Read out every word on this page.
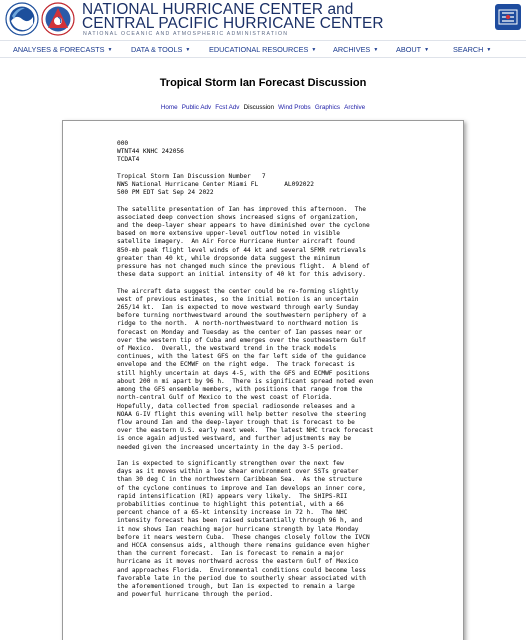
NATIONAL HURRICANE CENTER and
CENTRAL PACIFIC HURRICANE CENTER
NATIONAL OCEANIC AND ATMOSPHERIC ADMINISTRATION
ANALYSES & FORECASTS ▼	DATA & TOOLS ▼	EDUCATIONAL RESOURCES ▼ ARCHIVES ▼ ABOUT ▼	SEARCH ▼
Tropical Storm Ian Forecast Discussion
Home Public Adv Fcst Adv Discussion Wind Probs Graphics Archive
000
WTNT44 KNHC 242056
TCDAT4

Tropical Storm Ian Discussion Number   7
NWS National Hurricane Center Miami FL       AL092022
500 PM EDT Sat Sep 24 2022

The satellite presentation of Ian has improved this afternoon.  The
associated deep convection shows increased signs of organization,
and the deep-layer shear appears to have diminished over the cyclone
based on more extensive upper-level outflow noted in visible
satellite imagery.  An Air Force Hurricane Hunter aircraft found
850-mb peak flight level winds of 44 kt and several SFMR retrievals
greater than 40 kt, while dropsonde data suggest the minimum
pressure has not changed much since the previous flight.  A blend of
these data support an initial intensity of 40 kt for this advisory.

The aircraft data suggest the center could be re-forming slightly
west of previous estimates, so the initial motion is an uncertain
265/14 kt.  Ian is expected to move westward through early Sunday
before turning northwestward around the southwestern periphery of a
ridge to the north.  A north-northwestward to northward motion is
forecast on Monday and Tuesday as the center of Ian passes near or
over the western tip of Cuba and emerges over the southeastern Gulf
of Mexico.  Overall, the westward trend in the track models
continues, with the latest GFS on the far left side of the guidance
envelope and the ECMWF on the right edge.  The track forecast is
still highly uncertain at days 4-5, with the GFS and ECMWF positions
about 200 n mi apart by 96 h.  There is significant spread noted even
among the GFS ensemble members, with positions that range from the
north-central Gulf of Mexico to the west coast of Florida.
Hopefully, data collected from special radiosonde releases and a
NOAA G-IV flight this evening will help better resolve the steering
flow around Ian and the deep-layer trough that is forecast to be
over the eastern U.S. early next week.  The latest NHC track forecast
is once again adjusted westward, and further adjustments may be
needed given the increased uncertainty in the day 3-5 period.

Ian is expected to significantly strengthen over the next few
days as it moves within a low shear environment over SSTs greater
than 30 deg C in the northwestern Caribbean Sea.  As the structure
of the cyclone continues to improve and Ian develops an inner core,
rapid intensification (RI) appears very likely.  The SHIPS-RII
probabilities continue to highlight this potential, with a 66
percent chance of a 65-kt intensity increase in 72 h.  The NHC
intensity forecast has been raised substantially through 96 h, and
it now shows Ian reaching major hurricane strength by late Monday
before it nears western Cuba.  These changes closely follow the IVCN
and HCCA consensus aids, although there remains guidance even higher
than the current forecast.  Ian is forecast to remain a major
hurricane as it moves northward across the eastern Gulf of Mexico
and approaches Florida.  Environmental conditions could become less
favorable late in the period due to southerly shear associated with
the aforementioned trough, but Ian is expected to remain a large
and powerful hurricane through the period.
